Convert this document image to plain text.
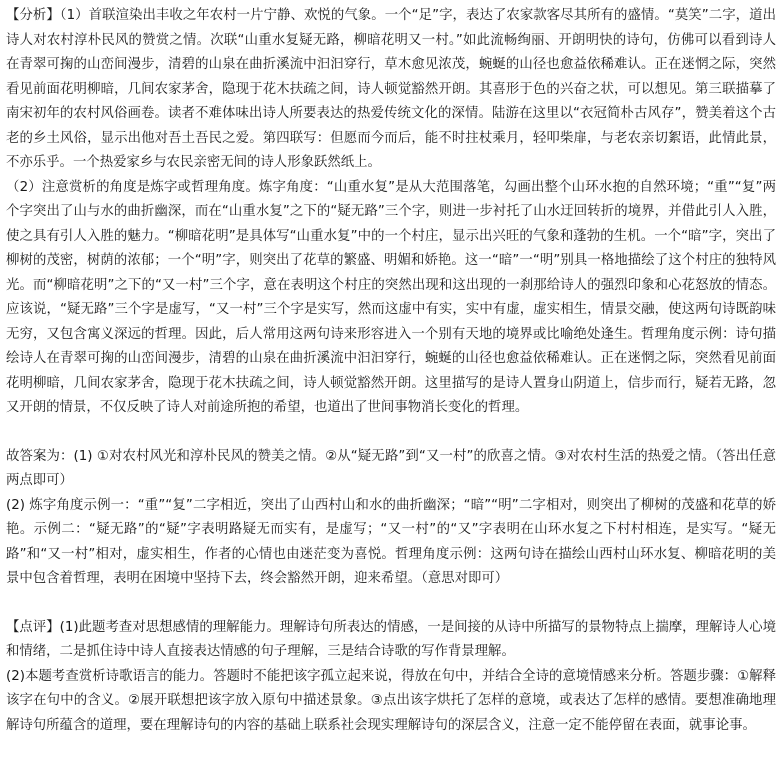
【分析】（1）首联渲染出丰收之年农村一片宁静、欢悦的气象。一个“足”字，表达了农家款客尽其所有的盛情。“莫笑”二字，道出诗人对农村淳朴民风的赞赏之情。次联“山重水复疑无路，柳暗花明又一村。”如此流畅绚丽、开朗明快的诗句，仿佛可以看到诗人在青翠可掬的山峦间漫步，清碧的山泉在曲折溪流中汩汩穿行，草木愈见浓茂，蜿蜒的山径也愈益依稀难认。正在迷惘之际，突然看见前面花明柳暗，几间农家茅舍，隐现于花木扶疏之间，诗人顿觉豁然开朗。其喜形于色的兴奋之状，可以想见。第三联描摹了南宋初年的农村风俗画卷。读者不难体味出诗人所要表达的热爱传统文化的深情。陆游在这里以“衣冠简朴古风存”，赞美着这个古老的乡土风俗，显示出他对吾土吾民之爱。第四联写：但愿而今而后，能不时拄杖乘月，轻叩柴扉，与老农亲切絮语，此情此景，不亦乐乎。一个热爱家乡与农民亲密无间的诗人形象跃然纸上。

（2）注意赏析的角度是炼字或哲理角度。炼字角度：“山重水复”是从大范围落笔，勾画出整个山环水抱的自然环境；“重”“复”两个字突出了山与水的曲折幽深，而在“山重水复”之下的“疑无路”三个字，则进一步衬托了山水迂回转折的境界，并借此引人入胜，使之具有引人入胜的魅力。“柳暗花明”是具体写“山重水复”中的一个村庄，显示出兴旺的气象和蓬勃的生机。一个“暗”字，突出了柳树的茂密，树荫的浓郁；一个“明”字，则突出了花草的繁盛、明媚和娇艳。这一“暗”一“明”别具一格地描绘了这个村庄的独特风光。而“柳暗花明”之下的“又一村”三个字，意在表明这个村庄的突然出现和这出现的一刹那给诗人的强烈印象和心花怒放的情态。应该说，“疑无路”三个字是虚写，“又一村”三个字是实写，然而这虚中有实，实中有虚，虚实相生，情景交融，使这两句诗既韵味无穷，又包含寓义深远的哲理。因此，后人常用这两句诗来形容进入一个别有天地的境界或比喻绝处逢生。哲理角度示例：诗句描绘诗人在青翠可掬的山峦间漫步，清碧的山泉在曲折溪流中汩汩穿行，蜿蜒的山径也愈益依稀难认。正在迷惘之际，突然看见前面花明柳暗，几间农家茅舍，隐现于花木扶疏之间，诗人顿觉豁然开朗。这里描写的是诗人置身山阴道上，信步而行，疑若无路，忽又开朗的情景，不仅反映了诗人对前途所抱的希望，也道出了世间事物消长变化的哲理。

故答案为：(1) ①对农村风光和淳朴民风的赞美之情。②从“疑无路”到“又一村”的欣喜之情。③对农村生活的热爱之情。（答出任意两点即可）

(2) 炼字角度示例一：“重”“复”二字相近，突出了山西村山和水的曲折幽深；“暗”“明”二字相对，则突出了柳树的茂盛和花草的娇艳。示例二：“疑无路”的“疑”字表明路疑无而实有，是虚写；“又一村”的“又”字表明在山环水复之下村村相连，是实写。“疑无路”和“又一村”相对，虚实相生，作者的心情也由迷茫变为喜悦。哲理角度示例：这两句诗在描绘山西村山环水复、柳暗花明的美景中包含着哲理，表明在困境中坚持下去，终会豁然开朗，迎来希望。（意思对即可）

【点评】(1)此题考查对思想感情的理解能力。理解诗句所表达的情感，一是间接的从诗中所描写的景物特点上揣摩，理解诗人心境和情绪，二是抓住诗中诗人直接表达情感的句子理解，三是结合诗歌的写作背景理解。

(2)本题考查赏析诗歌语言的能力。答题时不能把该字孤立起来说，得放在句中，并结合全诗的意境情感来分析。答题步骤：①解释该字在句中的含义。②展开联想把该字放入原句中描述景象。③点出该字烘托了怎样的意境，或表达了怎样的感情。要想准确地理解诗句所蕴含的道理，要在理解诗句的内容的基础上联系社会现实理解诗句的深层含义，注意一定不能停留在表面，就事论事。
